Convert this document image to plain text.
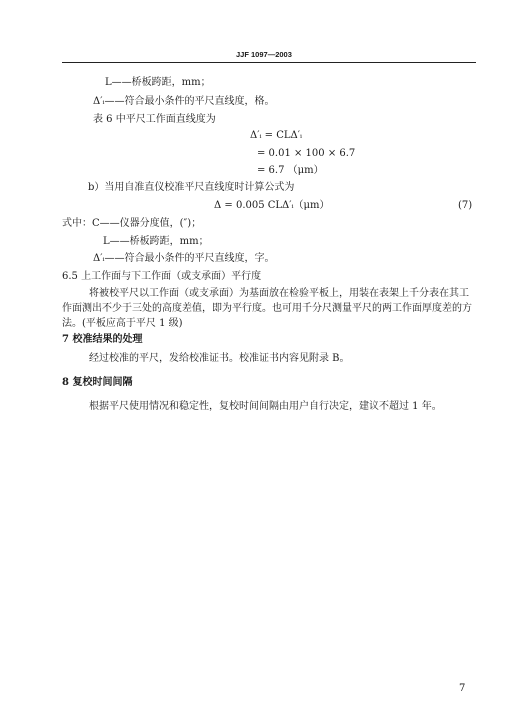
JJF 1097—2003
L——桥板跨距，mm；
Δ′ᵢ——符合最小条件的平尺直线度，格。
表 6 中平尺工作面直线度为
Δ′ᵢ = CLΔ′ᵢ
= 0.01 × 100 × 6.7
= 6.7 （μm）
b）当用自准直仪校准平尺直线度时计算公式为
Δ = 0.005 CLΔ′ᵢ（μm）	(7)
式中：C——仪器分度值，(″)；
L——桥板跨距，mm；
Δ′ᵢ——符合最小条件的平尺直线度，字。
6.5 上工作面与下工作面（或支承面）平行度
将被校平尺以工作面（或支承面）为基面放在检验平板上，用装在表架上千分表在其工作面测出不少于三处的高度差值，即为平行度。也可用千分尺测量平尺的两工作面厚度差的方法。(平板应高于平尺 1 级)
7 校准结果的处理
经过校准的平尺，发给校准证书。校准证书内容见附录 B。
8 复校时间间隔
根据平尺使用情况和稳定性，复校时间间隔由用户自行决定，建议不超过 1 年。
7
